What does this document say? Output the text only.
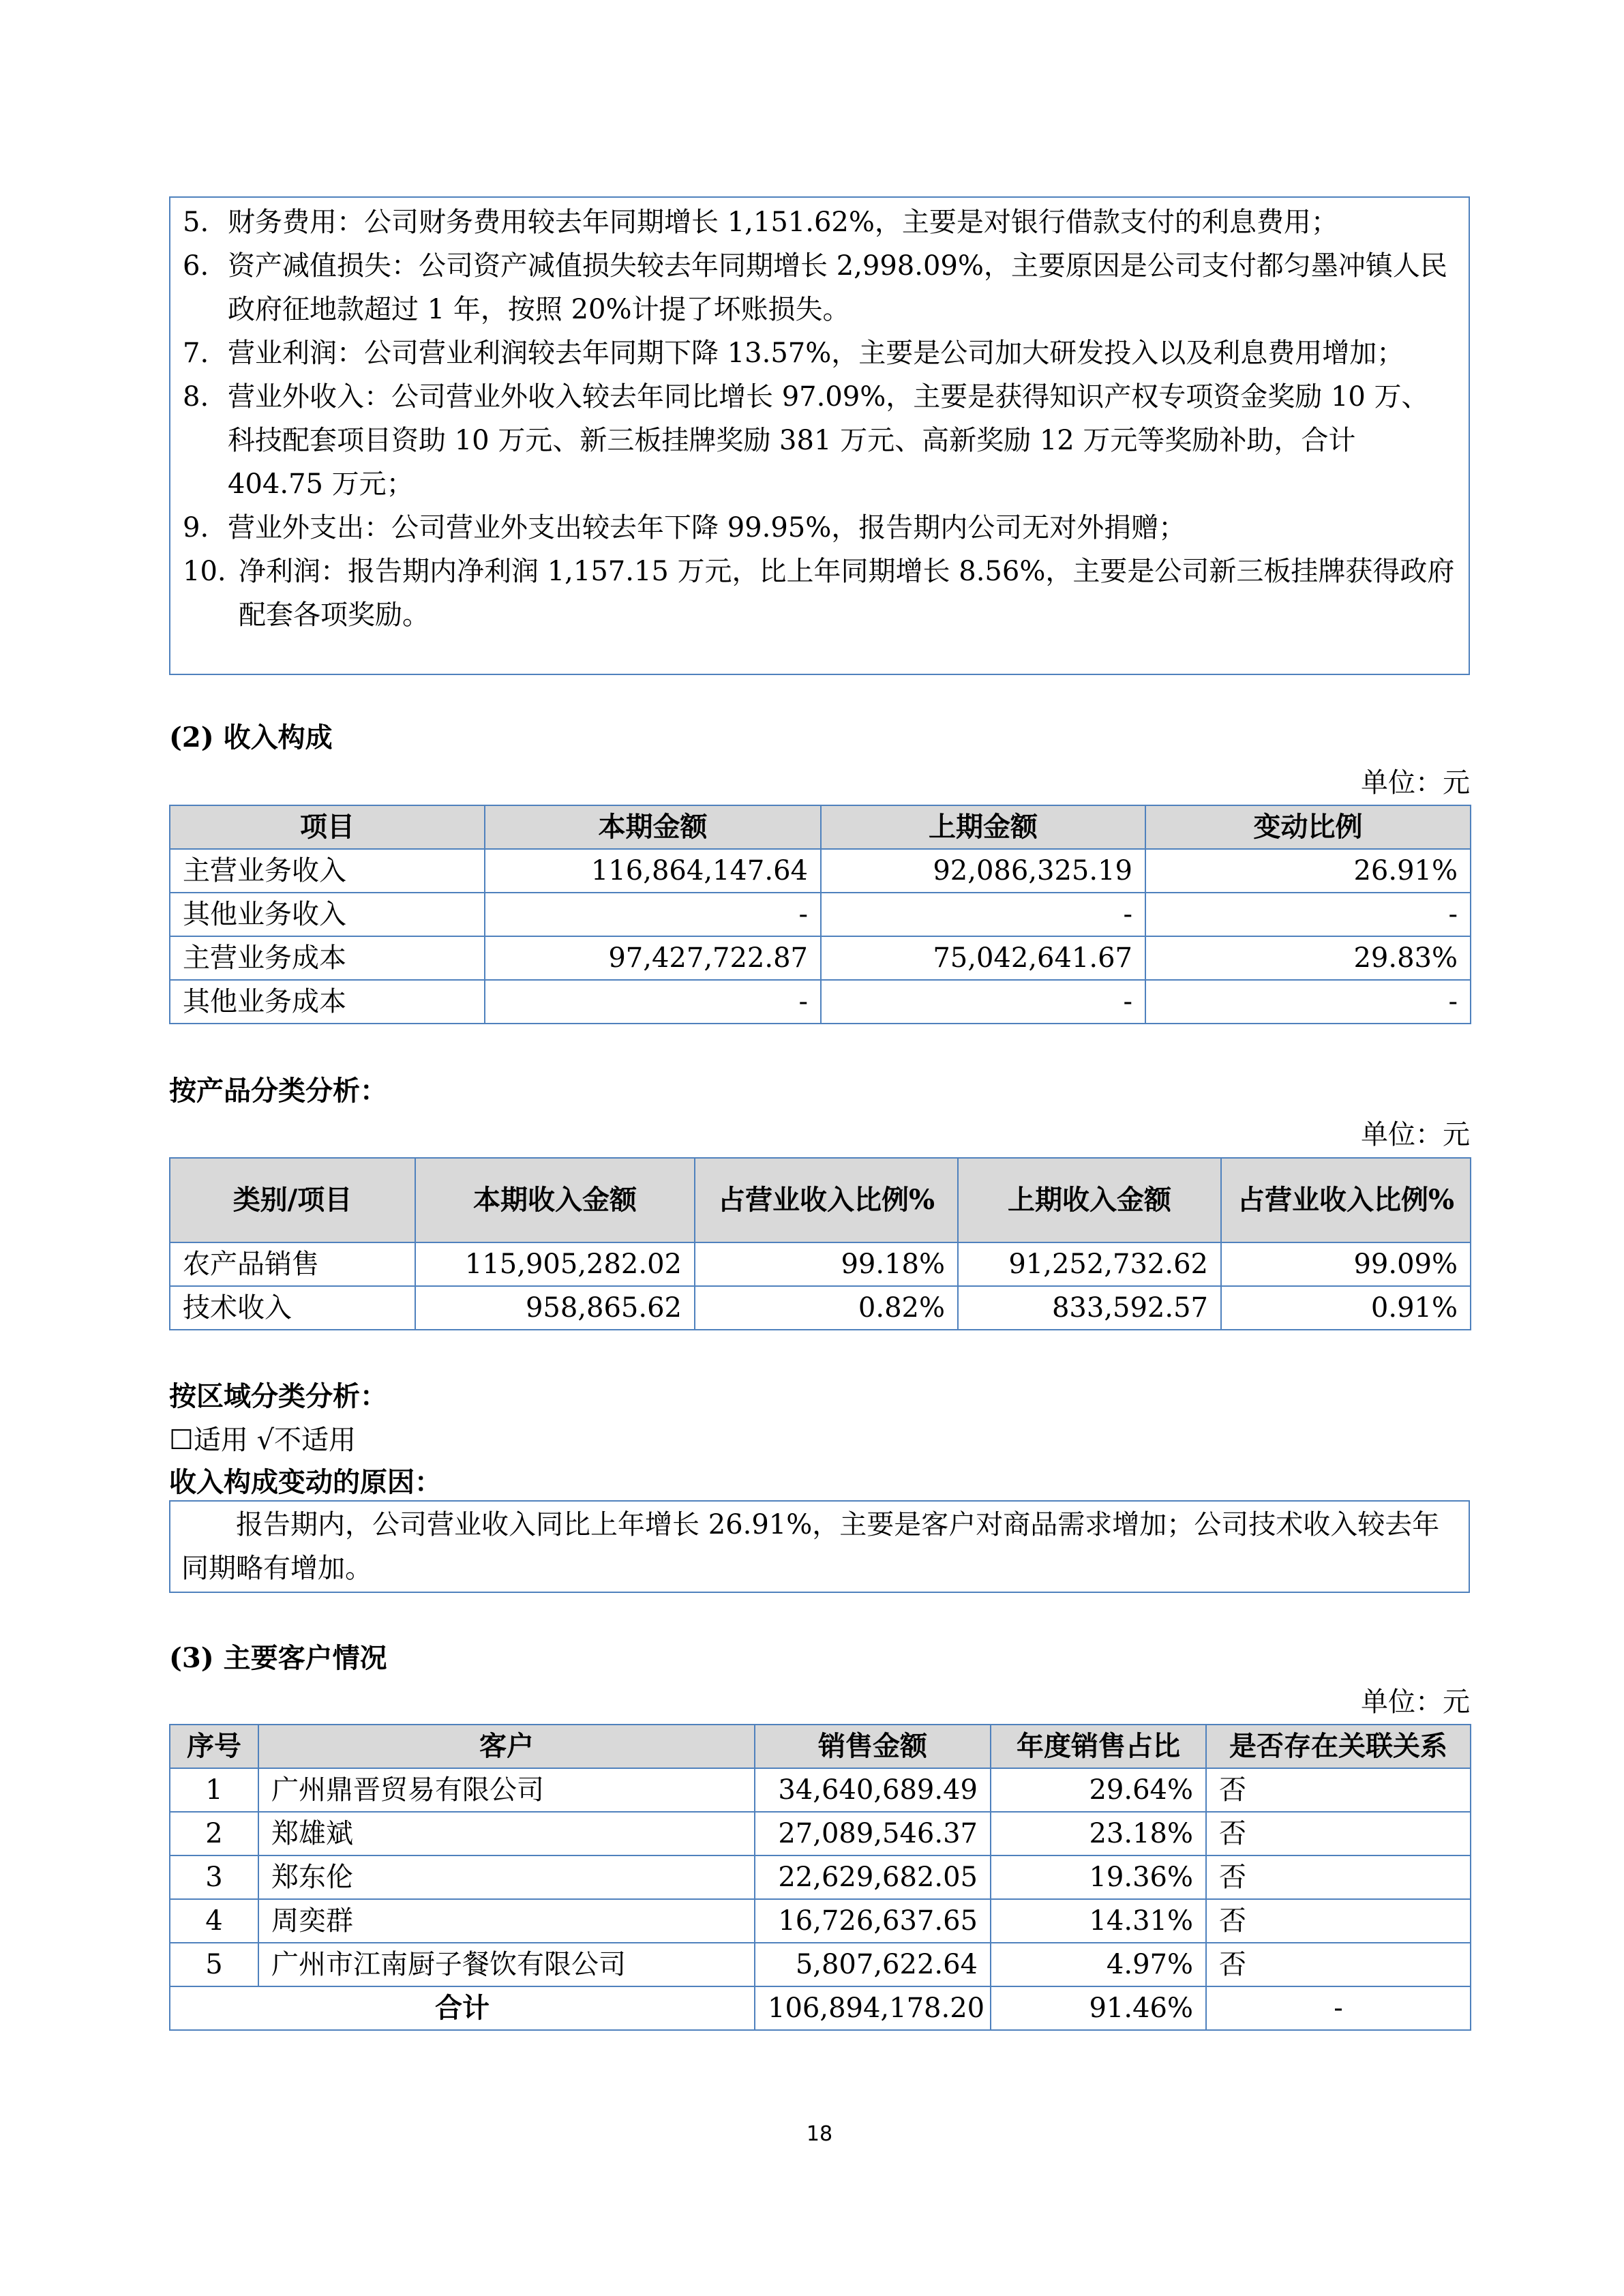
5. 财务费用：公司财务费用较去年同期增长 1,151.62%，主要是对银行借款支付的利息费用；
6. 资产减值损失：公司资产减值损失较去年同期增长 2,998.09%，主要原因是公司支付都匀墨冲镇人民政府征地款超过 1 年，按照 20%计提了坏账损失。
7. 营业利润：公司营业利润较去年同期下降 13.57%，主要是公司加大研发投入以及利息费用增加；
8. 营业外收入：公司营业外收入较去年同比增长 97.09%，主要是获得知识产权专项资金奖励 10 万、科技配套项目资助 10 万元、新三板挂牌奖励 381 万元、高新奖励 12 万元等奖励补助，合计 404.75 万元；
9. 营业外支出：公司营业外支出较去年下降 99.95%，报告期内公司无对外捐赠；
10. 净利润：报告期内净利润 1,157.15 万元，比上年同期增长 8.56%，主要是公司新三板挂牌获得政府配套各项奖励。
(2) 收入构成
单位：元
项目	本期金额	上期金额	变动比例
主营业务收入	116,864,147.64	92,086,325.19	26.91%
其他业务收入	-	-	-
主营业务成本	97,427,722.87	75,042,641.67	29.83%
其他业务成本	-	-	-
按产品分类分析：
单位：元
类别/项目	本期收入金额	占营业收入比例%	上期收入金额	占营业收入比例%
农产品销售	115,905,282.02	99.18%	91,252,732.62	99.09%
技术收入	958,865.62	0.82%	833,592.57	0.91%
按区域分类分析：
☐适用 √不适用
收入构成变动的原因：
报告期内，公司营业收入同比上年增长 26.91%，主要是客户对商品需求增加；公司技术收入较去年同期略有增加。
(3) 主要客户情况
单位：元
序号	客户	销售金额	年度销售占比	是否存在关联关系
1	广州鼎晋贸易有限公司	34,640,689.49	29.64%	否
2	郑雄斌	27,089,546.37	23.18%	否
3	郑东伦	22,629,682.05	19.36%	否
4	周奕群	16,726,637.65	14.31%	否
5	广州市江南厨子餐饮有限公司	5,807,622.64	4.97%	否
合计		106,894,178.20	91.46%	-
18
